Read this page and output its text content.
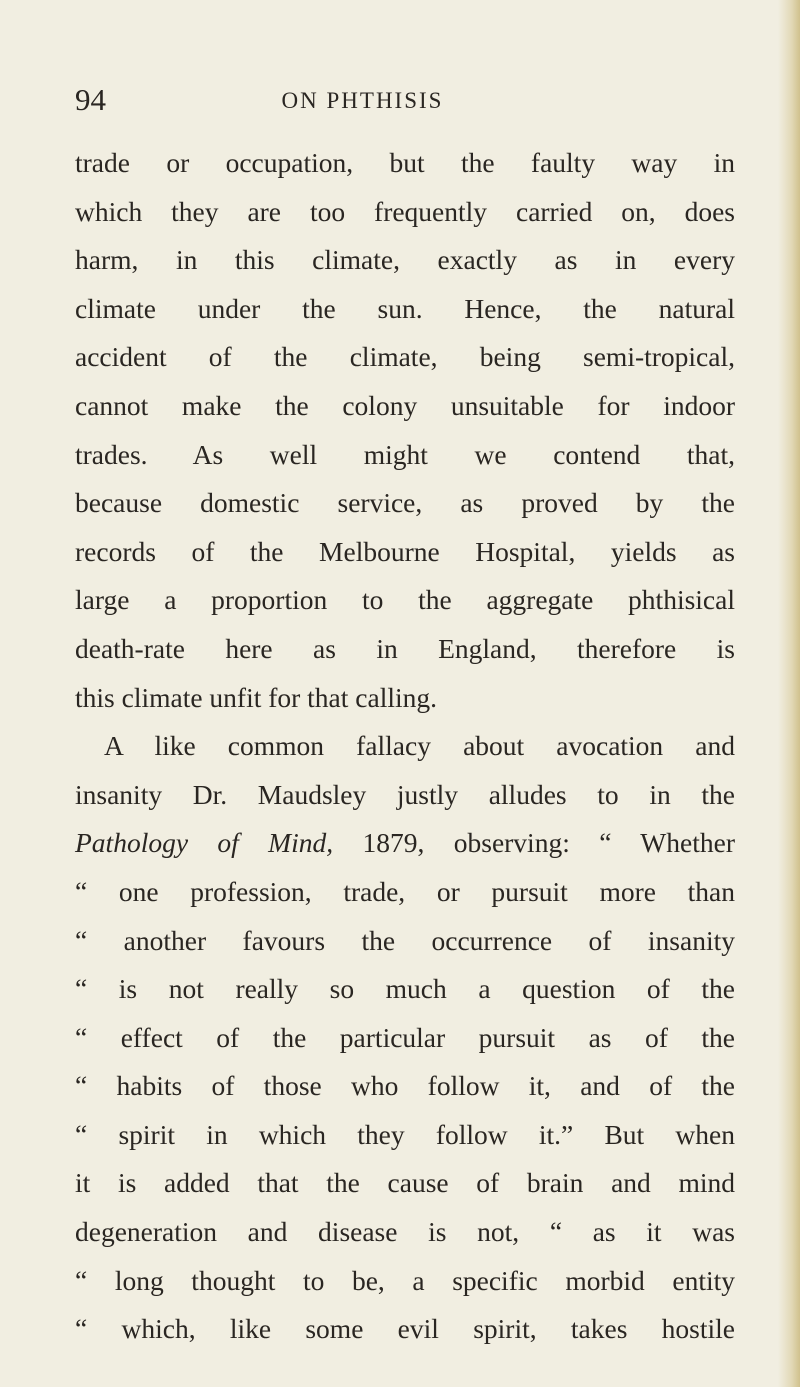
94	ON PHTHISIS
trade or occupation, but the faulty way in
which they are too frequently carried on, does
harm, in this climate, exactly as in every
climate under the sun. Hence, the natural
accident of the climate, being semi-tropical,
cannot make the colony unsuitable for indoor
trades. As well might we contend that,
because domestic service, as proved by the
records of the Melbourne Hospital, yields as
large a proportion to the aggregate phthisical
death-rate here as in England, therefore is
this climate unfit for that calling.
A like common fallacy about avocation and
insanity Dr. Maudsley justly alludes to in the
Pathology of Mind, 1879, observing: “ Whether
“ one profession, trade, or pursuit more than
“ another favours the occurrence of insanity
“ is not really so much a question of the
“ effect of the particular pursuit as of the
“ habits of those who follow it, and of the
“ spirit in which they follow it.” But when
it is added that the cause of brain and mind
degeneration and disease is not, “ as it was
“ long thought to be, a specific morbid entity
“ which, like some evil spirit, takes hostile
